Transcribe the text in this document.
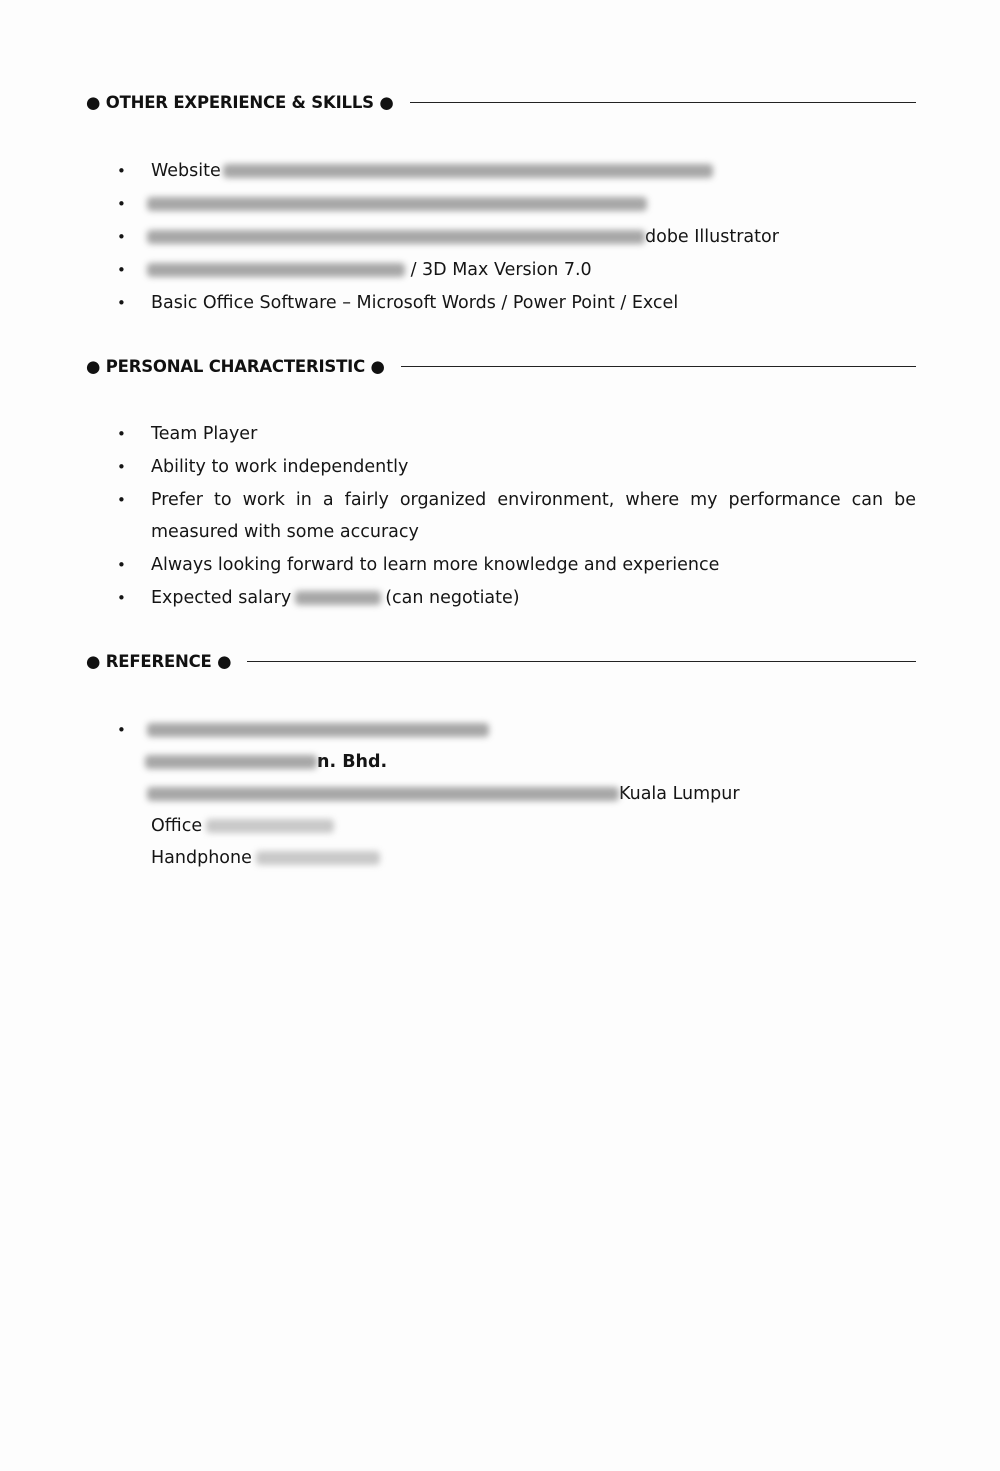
● OTHER EXPERIENCE & SKILLS ●
• Website
•
•	dobe Illustrator
•	/ 3D Max Version 7.0
• Basic Office Software – Microsoft Words / Power Point / Excel
● PERSONAL CHARACTERISTIC ●
• Team Player
• Ability to work independently
• Prefer to work in a fairly organized environment, where my performance can be measured with some accuracy
• Always looking forward to learn more knowledge and experience
• Expected salary	(can negotiate)
● REFERENCE ●
•
n. Bhd.
Kuala Lumpur
Office
Handphone
